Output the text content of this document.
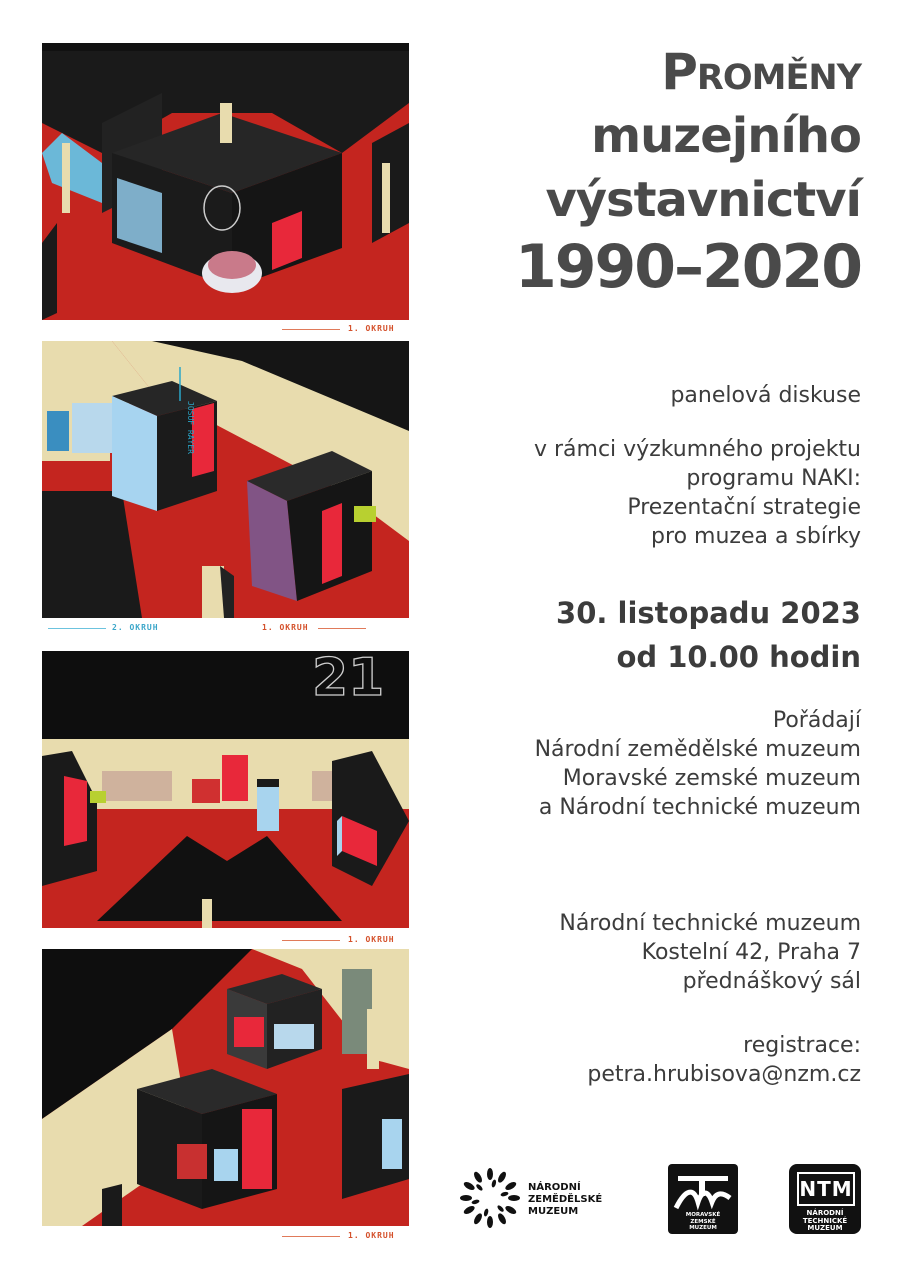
1. OKRUH
JOSUF RAYER
2. OKRUH	1. OKRUH
21
1. OKRUH
1. OKRUH
Proměny
muzejního
výstavnictví
1990–2020

panelová diskuse

v rámci výzkumného projektu
programu NAKI:
Prezentační strategie
pro muzea a sbírky

30. listopadu 2023
od 10.00 hodin

Pořádají
Národní zemědělské muzeum
Moravské zemské muzeum
a Národní technické muzeum

Národní technické muzeum
Kostelní 42, Praha 7
přednáškový sál

registrace:
petra.hrubisova@nzm.cz

NÁRODNÍ
ZEMĚDĚLSKÉ
MUZEUM	MORAVSKÉ
ZEMSKÉ
MUZEUM
NTM
NÁRODNÍ
TECHNICKÉ
MUZEUM
